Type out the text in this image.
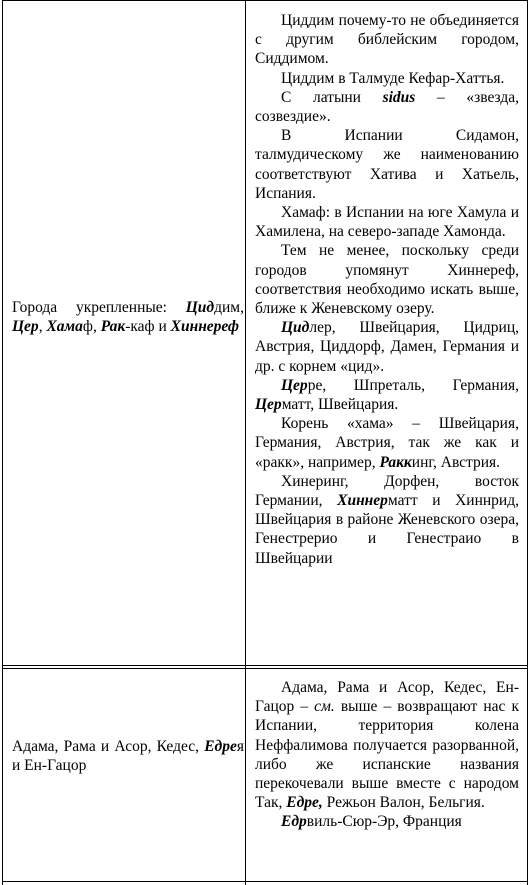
Города укрепленные: Циддим, Цер, Хамаф, Рак-каф и Хиннереф

Циддим почему-то не объединяется с другим библейским городом, Сиддимом.

Циддим в Талмуде Кефар-Хаттья.

С латыни sidus – «звезда, созвездие».

В Испании Сидамон, талмудическому же наименованию соответствуют Хатива и Хатьель, Испания.

Хамаф: в Испании на юге Хамула и Хамилена, на северо-западе Хамонда.

Тем не менее, поскольку среди городов упомянут Хиннереф, соответствия необходимо искать выше, ближе к Женевскому озеру.

Цидлер, Швейцария, Цидриц, Австрия, Циддорф, Дамен, Германия и др. с корнем «цид».

Церре, Шпреталь, Германия, Церматт, Швейцария.

Корень «хама» – Швейцария, Германия, Австрия, так же как и «ракк», например, Раккинг, Австрия.

Хинеринг, Дорфен, восток Германии, Хиннерматт и Хиннрид, Швейцария в районе Женевского озера, Генестрерио и Генестраио в Швейцарии

Адама, Рама и Асор, Кедес, Едрея и Ен-Гацор

Адама, Рама и Асор, Кедес, Ен-Гацор – см. выше – возвращают нас к Испании, территория колена Неффалимова получается разорванной, либо же испанские названия перекочевали выше вместе с народом Так, Едре, Режьон Валон, Бельгия.

Едрвиль-Сюр-Эр, Франция
